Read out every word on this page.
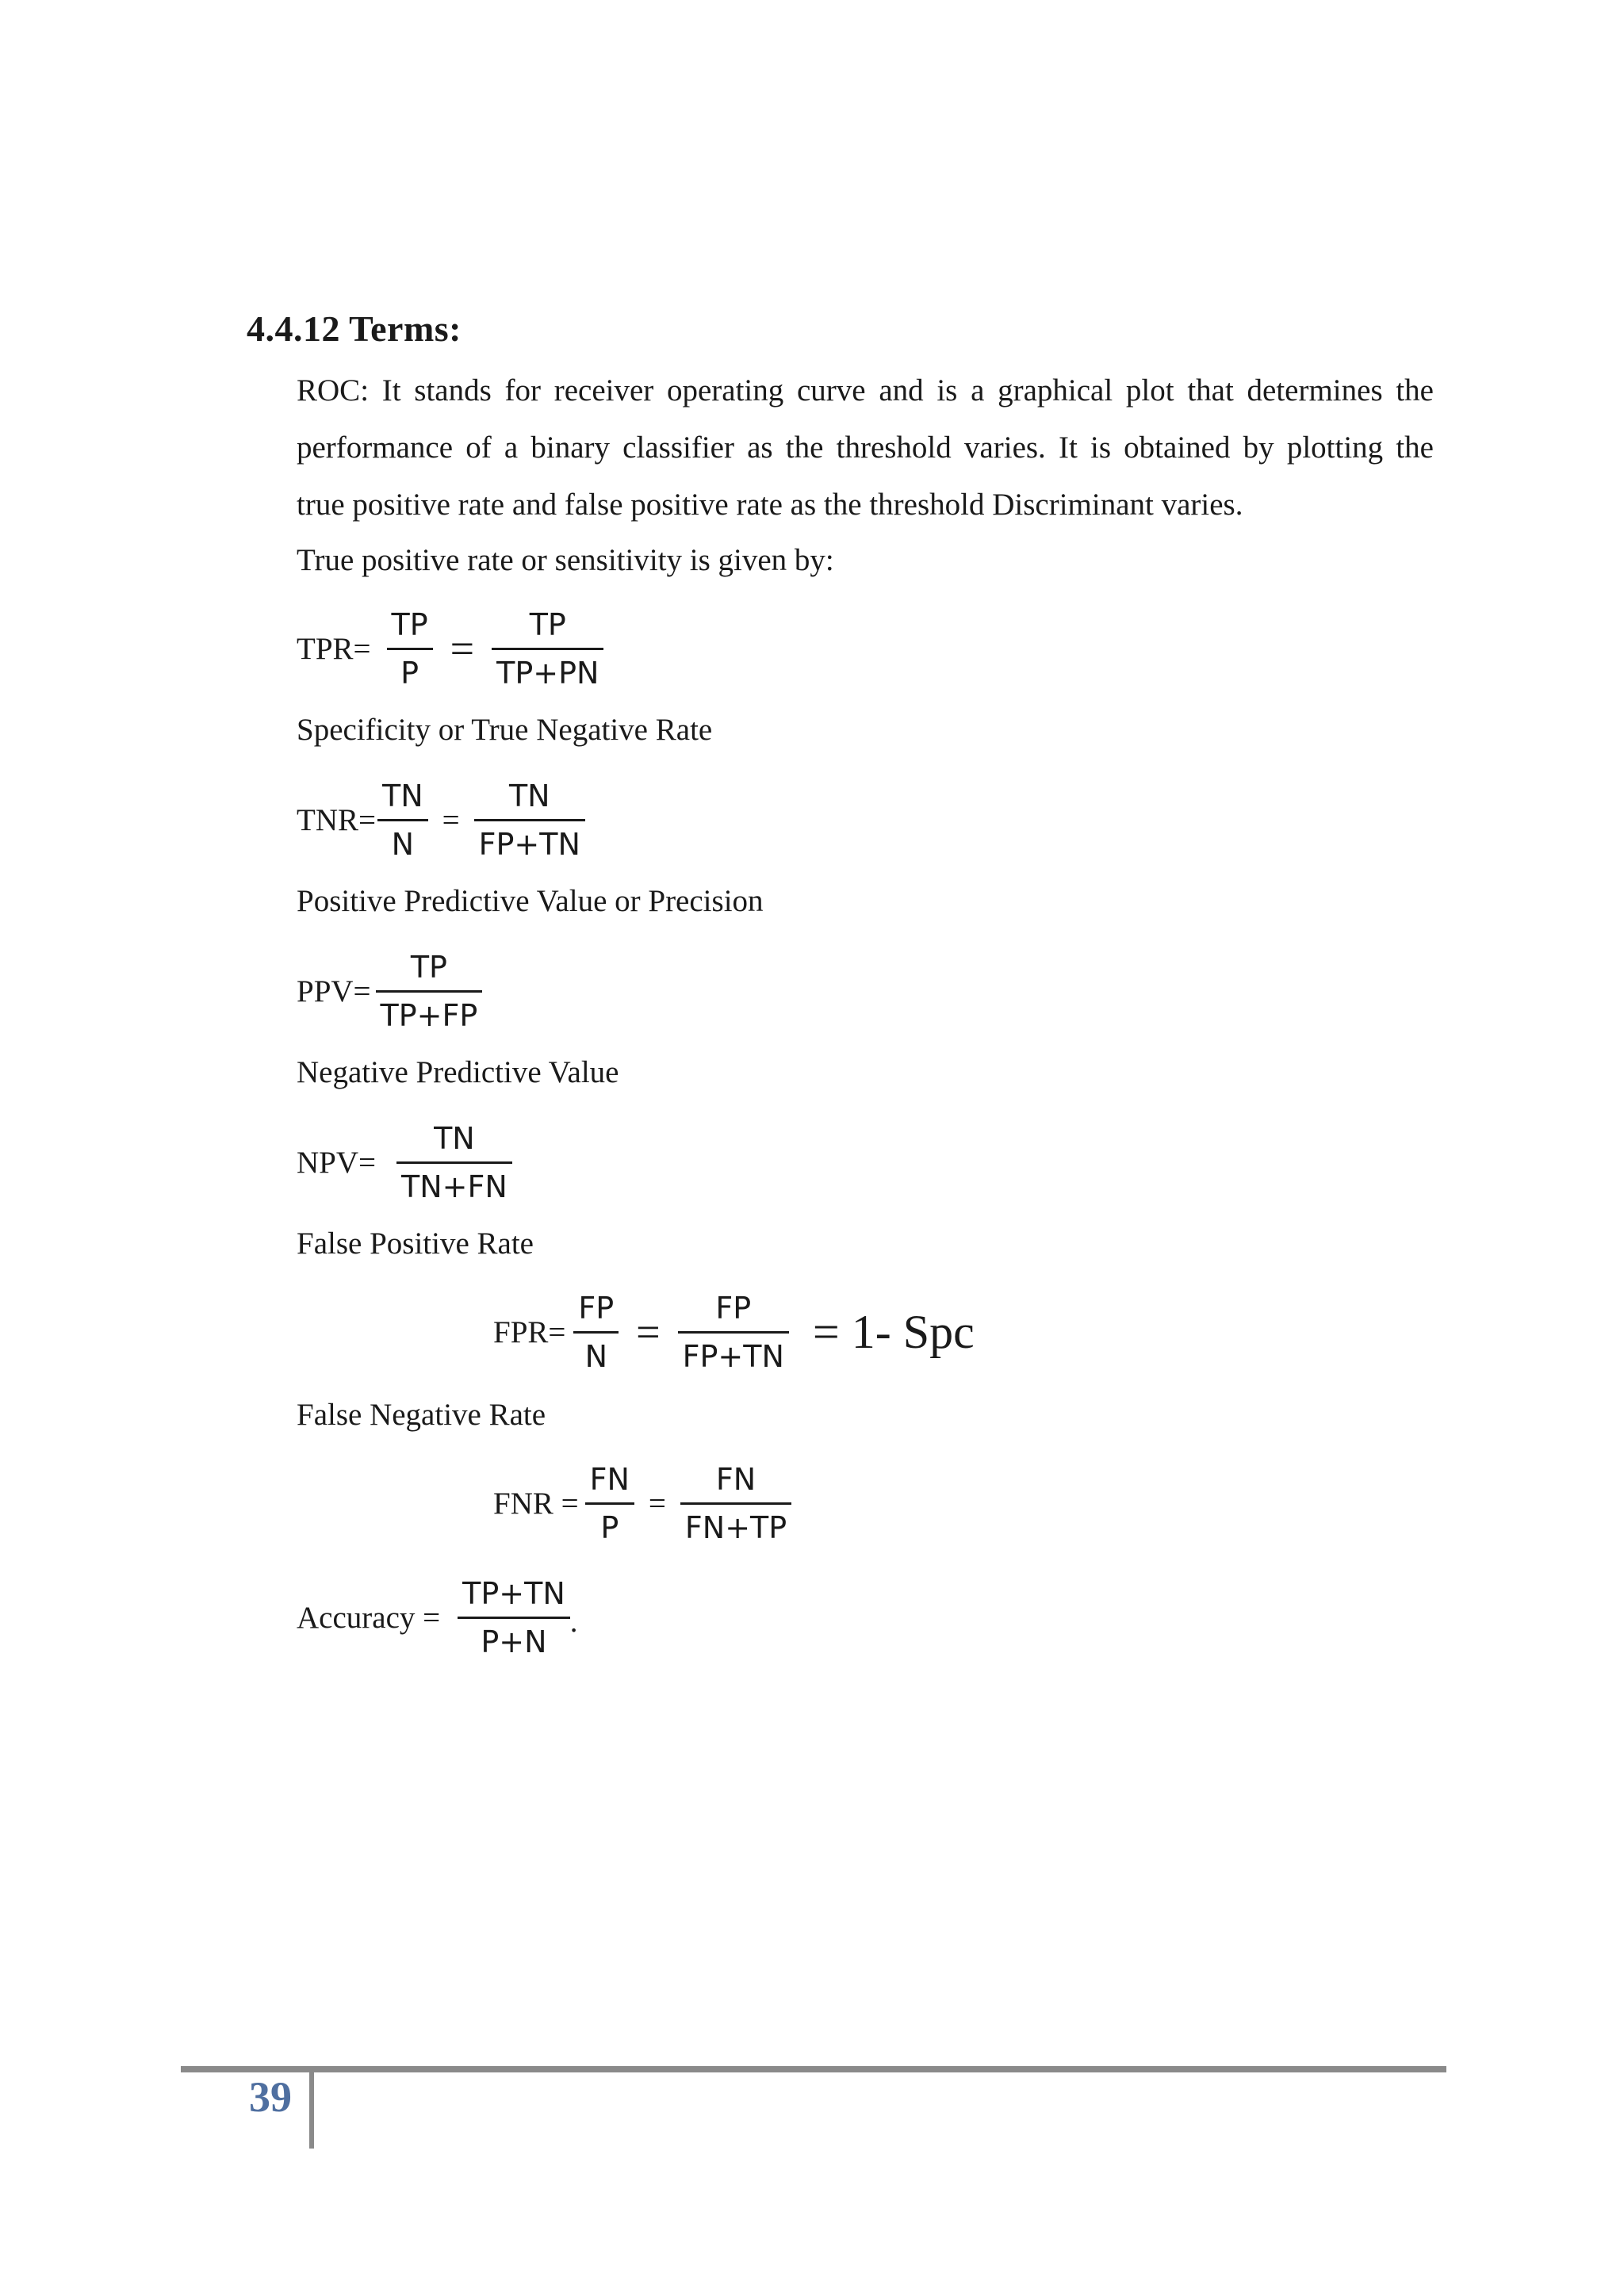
4.4.12 Terms:
ROC: It stands for receiver operating curve and is a graphical plot that determines the
performance of a binary classifier as the threshold varies. It is obtained by plotting the
true positive rate and false positive rate as the threshold Discriminant varies.
True positive rate or sensitivity is given by:
$TPR= \frac{TP}{P} = \frac{TP}{TP+PN}$
Specificity or True Negative Rate
$TNR= \frac{TN}{N} = \frac{TN}{FP+TN}$
Positive Predictive Value or Precision
$PPV= \frac{TP}{TP+FP}$
Negative Predictive Value
$NPV= \frac{TN}{TN+FN}$
False Positive Rate
$FPR= \frac{FP}{N} = \frac{FP}{FP+TN} = 1-$ Spc
False Negative Rate
FNR = $\frac{FN}{P} = \frac{FN}{FN+TP}$
Accuracy = $\frac{TP+TN}{P+N}$ .
39
